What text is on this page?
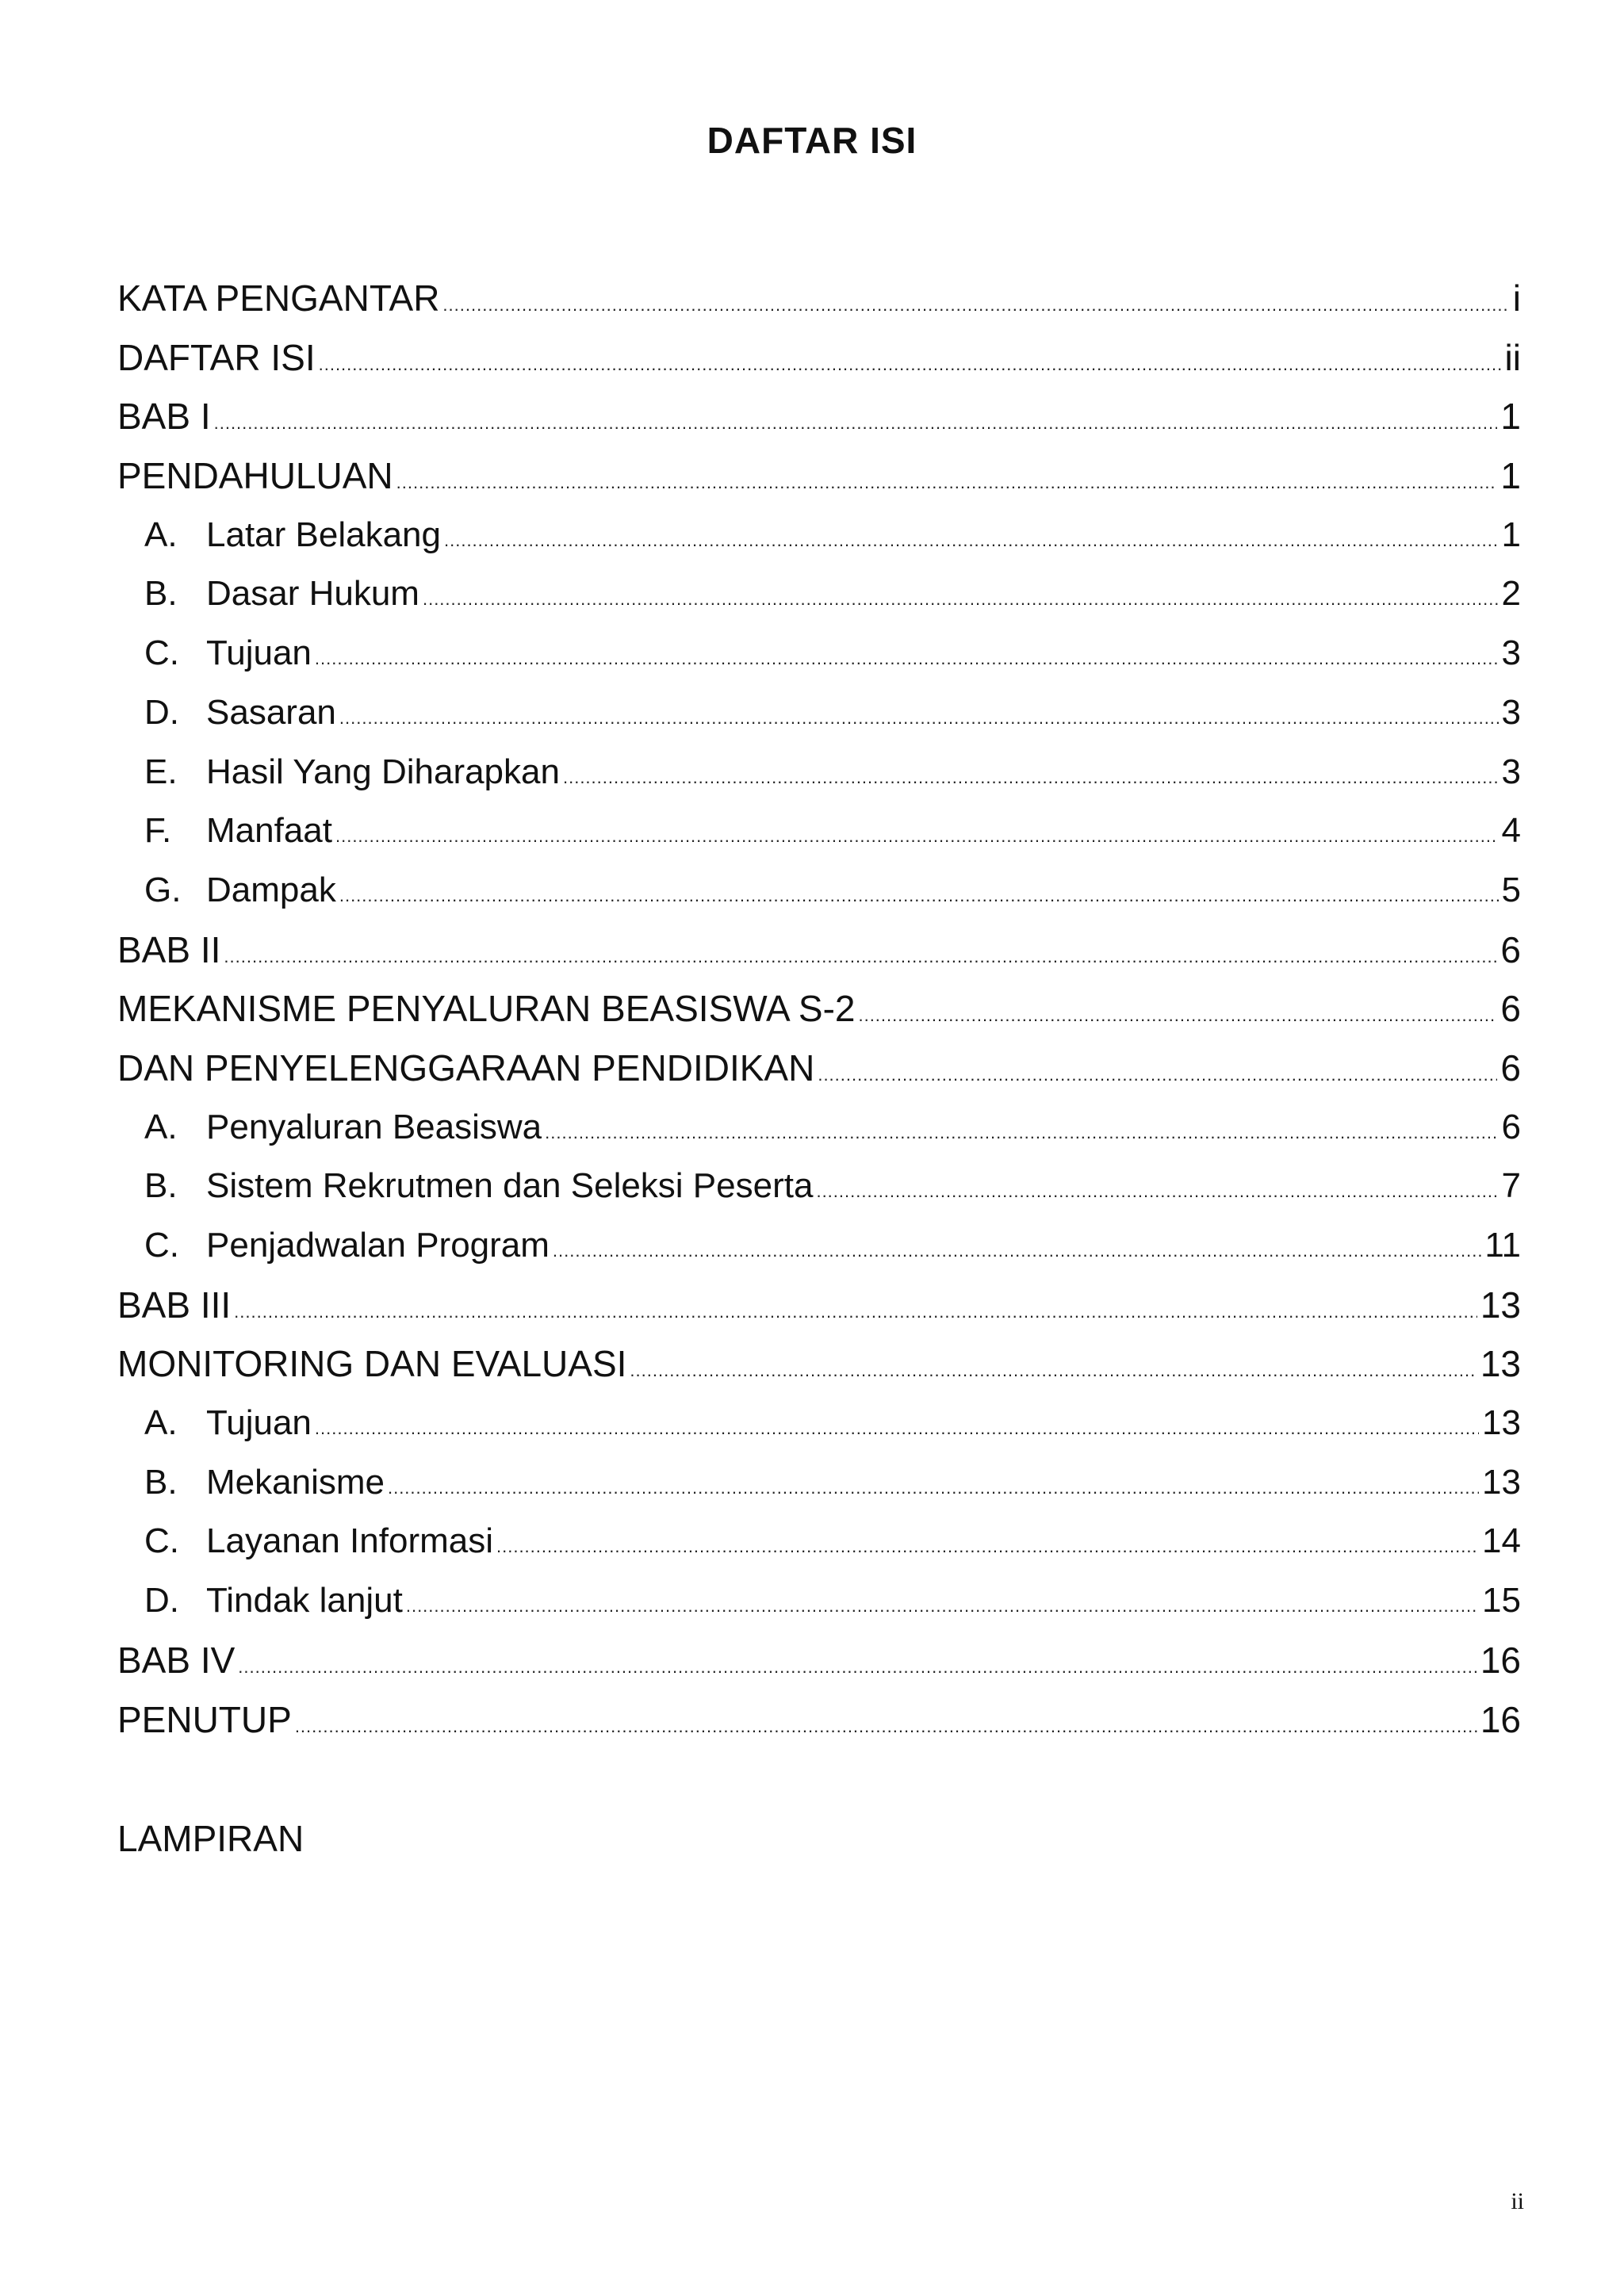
DAFTAR ISI
KATA PENGANTAR .....	i
DAFTAR ISI .....	ii
BAB I .....	1
PENDAHULUAN .....	1
A. Latar Belakang .....	1
B. Dasar Hukum .....	2
C. Tujuan .....	3
D. Sasaran .....	3
E. Hasil Yang Diharapkan .....	3
F. Manfaat .....	4
G. Dampak .....	5
BAB II .....	6
MEKANISME PENYALURAN BEASISWA S-2 .....	6
DAN PENYELENGGARAAN PENDIDIKAN .....	6
A. Penyaluran Beasiswa .....	6
B. Sistem Rekrutmen dan Seleksi Peserta .....	7
C. Penjadwalan Program .....	11
BAB III .....	13
MONITORING DAN EVALUASI .....	13
A. Tujuan .....	13
B. Mekanisme .....	13
C. Layanan Informasi .....	14
D. Tindak lanjut .....	15
BAB IV .....	16
PENUTUP .....	16
LAMPIRAN
ii
